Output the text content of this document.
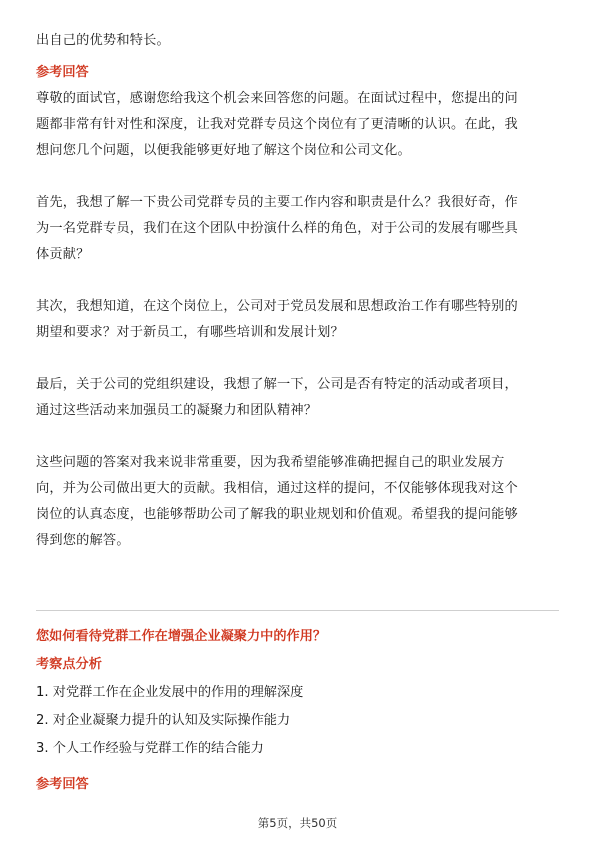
出自己的优势和特长。

参考回答

尊敬的面试官，感谢您给我这个机会来回答您的问题。在面试过程中，您提出的问

题都非常有针对性和深度，让我对党群专员这个岗位有了更清晰的认识。在此，我

想问您几个问题，以便我能够更好地了解这个岗位和公司文化。

首先，我想了解一下贵公司党群专员的主要工作内容和职责是什么？我很好奇，作

为一名党群专员，我们在这个团队中扮演什么样的角色，对于公司的发展有哪些具

体贡献？

其次，我想知道，在这个岗位上，公司对于党员发展和思想政治工作有哪些特别的

期望和要求？对于新员工，有哪些培训和发展计划？

最后，关于公司的党组织建设，我想了解一下，公司是否有特定的活动或者项目，

通过这些活动来加强员工的凝聚力和团队精神？

这些问题的答案对我来说非常重要，因为我希望能够准确把握自己的职业发展方

向，并为公司做出更大的贡献。我相信，通过这样的提问，不仅能够体现我对这个

岗位的认真态度，也能够帮助公司了解我的职业规划和价值观。希望我的提问能够

得到您的解答。

您如何看待党群工作在增强企业凝聚力中的作用？

考察点分析

1. 对党群工作在企业发展中的作用的理解深度

2. 对企业凝聚力提升的认知及实际操作能力

3. 个人工作经验与党群工作的结合能力

参考回答

第5页，共50页
